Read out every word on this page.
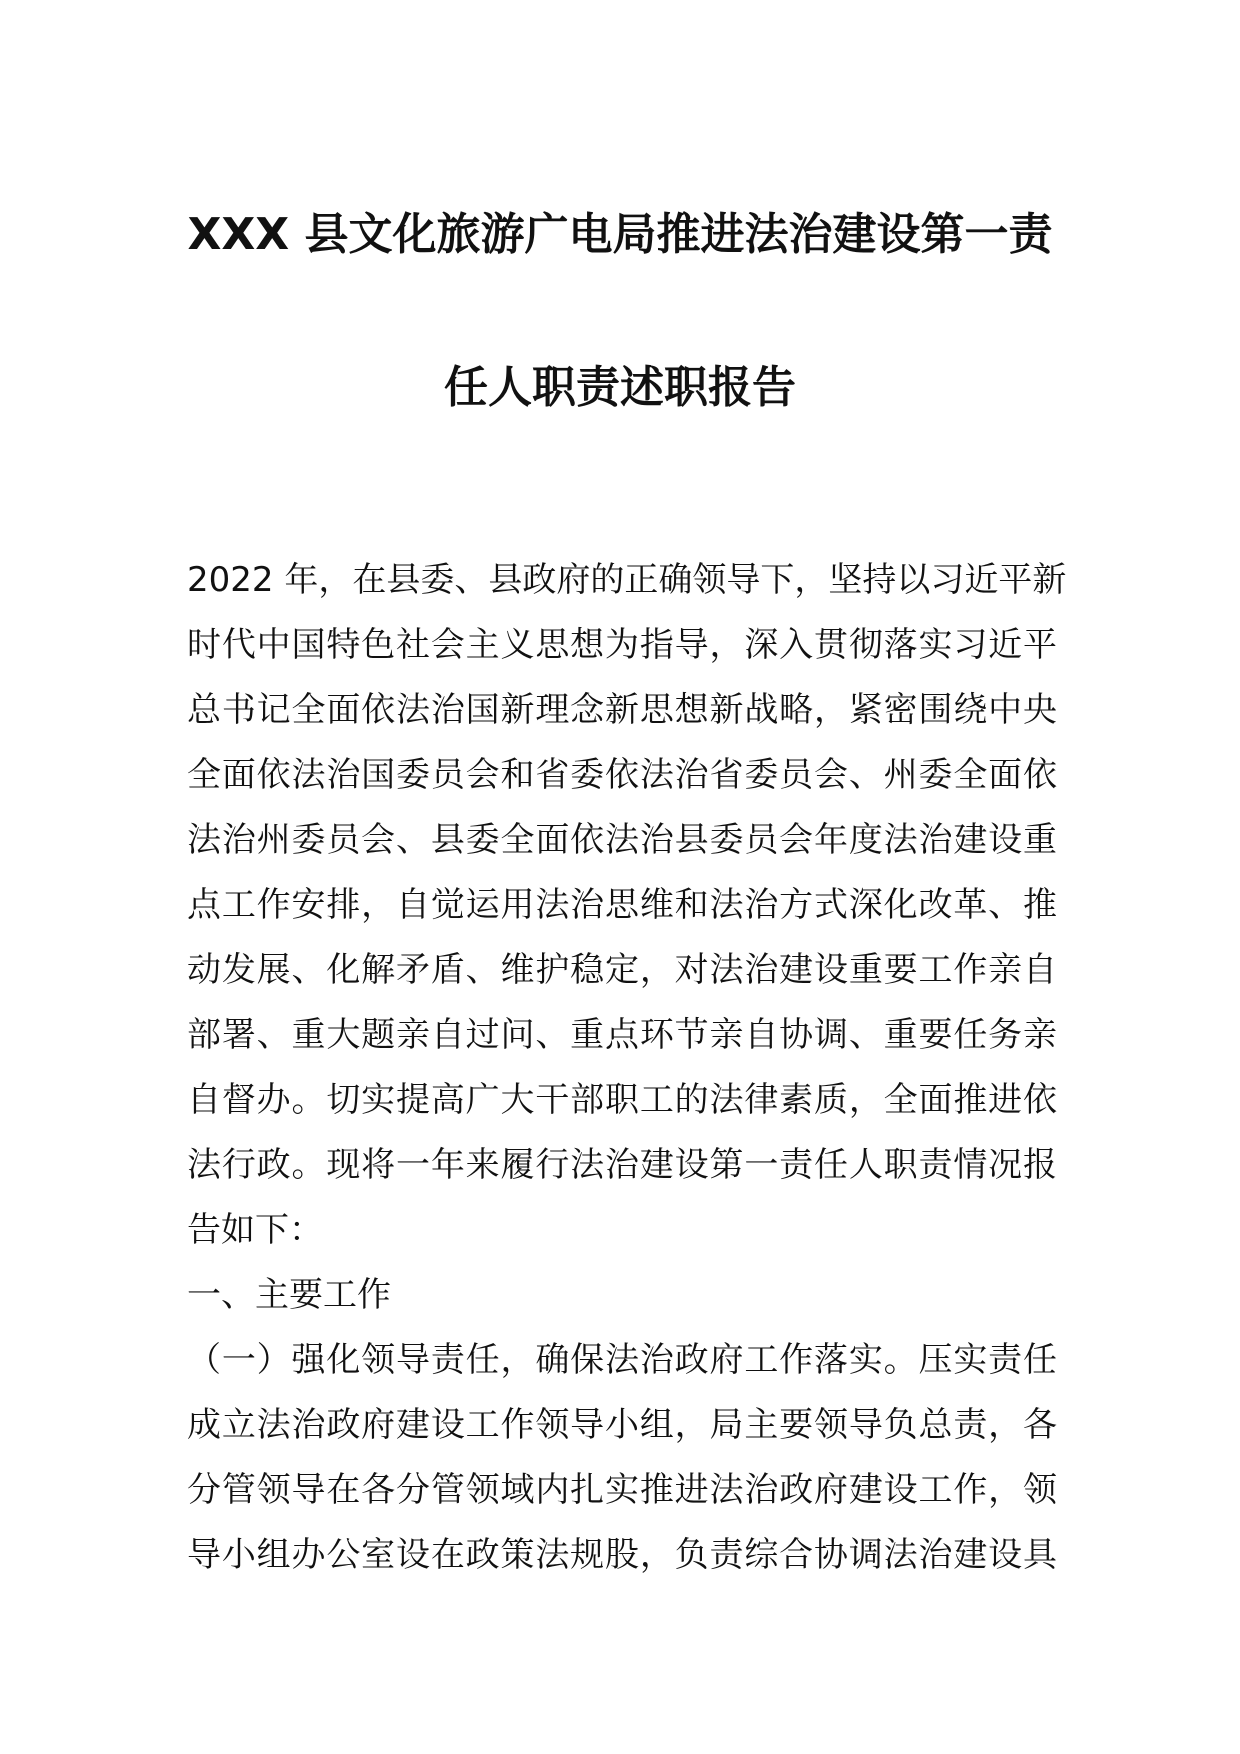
XXX 县文化旅游广电局推进法治建设第一责
任人职责述职报告
2022 年，在县委、县政府的正确领导下，坚持以习近平新
时代中国特色社会主义思想为指导，深入贯彻落实习近平
总书记全面依法治国新理念新思想新战略，紧密围绕中央
全面依法治国委员会和省委依法治省委员会、州委全面依
法治州委员会、县委全面依法治县委员会年度法治建设重
点工作安排，自觉运用法治思维和法治方式深化改革、推
动发展、化解矛盾、维护稳定，对法治建设重要工作亲自
部署、重大题亲自过问、重点环节亲自协调、重要任务亲
自督办。切实提高广大干部职工的法律素质，全面推进依
法行政。现将一年来履行法治建设第一责任人职责情况报
告如下：
一、主要工作
（一）强化领导责任，确保法治政府工作落实。压实责任
成立法治政府建设工作领导小组，局主要领导负总责，各
分管领导在各分管领域内扎实推进法治政府建设工作，领
导小组办公室设在政策法规股，负责综合协调法治建设具
